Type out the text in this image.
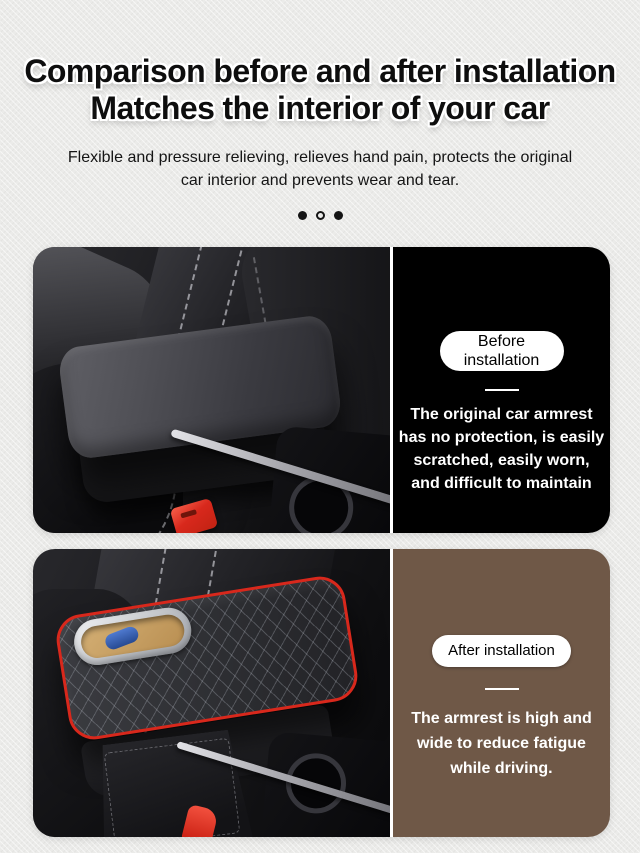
Comparison before and after installation
Matches the interior of your car
Flexible and pressure relieving, relieves hand pain, protects the original
car interior and prevents wear and tear.
Before installation
The original car armrest
has no protection, is easily
scratched, easily worn,
and difficult to maintain
After installation
The armrest is high and
wide to reduce fatigue
while driving.
